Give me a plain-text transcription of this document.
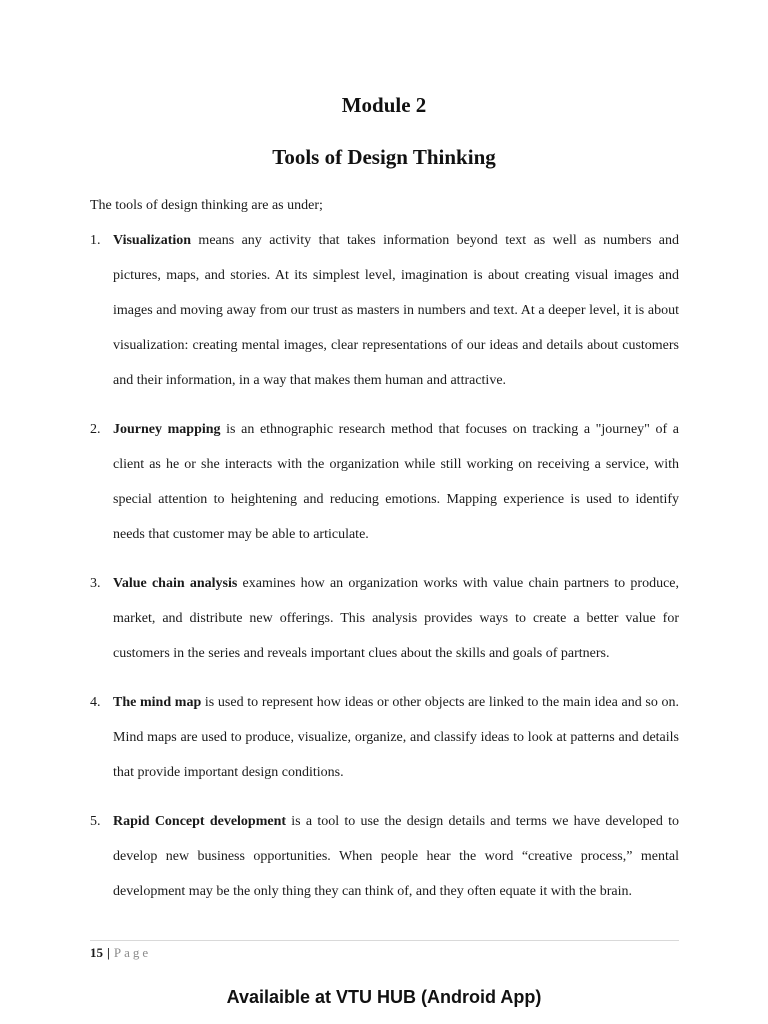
Module 2
Tools of Design Thinking
The tools of design thinking are as under;
1. Visualization means any activity that takes information beyond text as well as numbers and pictures, maps, and stories. At its simplest level, imagination is about creating visual images and images and moving away from our trust as masters in numbers and text. At a deeper level, it is about visualization: creating mental images, clear representations of our ideas and details about customers and their information, in a way that makes them human and attractive.
2. Journey mapping is an ethnographic research method that focuses on tracking a "journey" of a client as he or she interacts with the organization while still working on receiving a service, with special attention to heightening and reducing emotions. Mapping experience is used to identify needs that customer may be able to articulate.
3. Value chain analysis examines how an organization works with value chain partners to produce, market, and distribute new offerings. This analysis provides ways to create a better value for customers in the series and reveals important clues about the skills and goals of partners.
4. The mind map is used to represent how ideas or other objects are linked to the main idea and so on. Mind maps are used to produce, visualize, organize, and classify ideas to look at patterns and details that provide important design conditions.
5. Rapid Concept development is a tool to use the design details and terms we have developed to develop new business opportunities. When people hear the word “creative process,” mental development may be the only thing they can think of, and they often equate it with the brain.
15 | Page
Availaible at VTU HUB (Android App)
